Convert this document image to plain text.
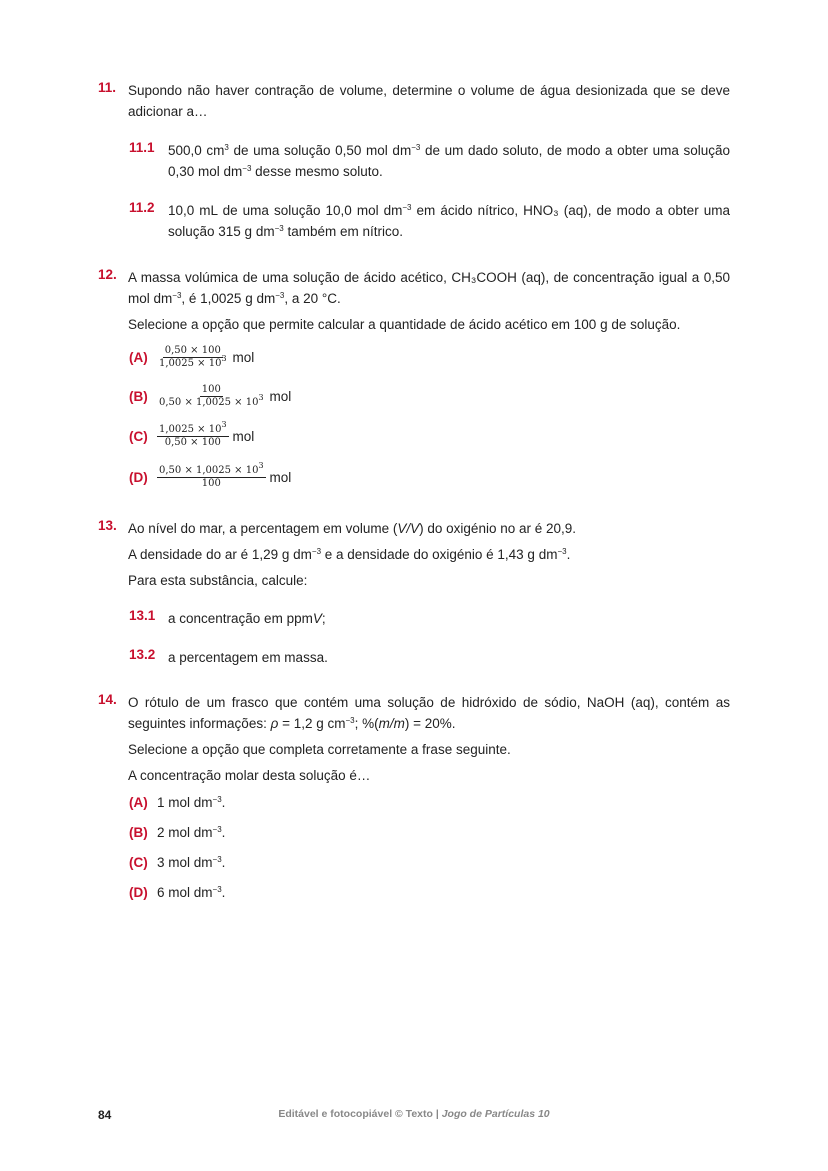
11. Supondo não haver contração de volume, determine o volume de água desionizada que se deve adicionar a…
11.1 500,0 $cm^3$ de uma solução 0,50 mol $dm^{-3}$ de um dado soluto, de modo a obter uma solução 0,30 mol $dm^{-3}$ desse mesmo soluto.
11.2 10,0 mL de uma solução 10,0 mol $dm^{-3}$ em ácido nítrico, HNO₃ (aq), de modo a obter uma solução 315 g $dm^{-3}$ também em nítrico.
12. A massa volúmica de uma solução de ácido acético, CH₃COOH (aq), de concentração igual a 0,50 mol $dm^{-3}$, é 1,0025 g $dm^{-3}$, a 20 °C.
Selecione a opção que permite calcular a quantidade de ácido acético em 100 g de solução.
$(A) \frac{0,50 \times 100}{1,0025 \times 10^3}$ mol
$(B) \frac{100}{0,50 \times 1,0025 \times 10^3}$ mol
$(C) \frac{1,0025 \times 10^3}{0,50 \times 100}$ mol
$(D) \frac{0,50 \times 1,0025 \times 10^3}{100}$ mol
13. Ao nível do mar, a percentagem em volume (V/V) do oxigénio no ar é 20,9.
A densidade do ar é 1,29 g $dm^{-3}$ e a densidade do oxigénio é 1,43 g $dm^{-3}$.
Para esta substância, calcule:
13.1 a concentração em ppmV;
13.2 a percentagem em massa.
14. O rótulo de um frasco que contém uma solução de hidróxido de sódio, NaOH (aq), contém as seguintes informações: ρ = 1,2 g $cm^{-3}$; %(m/m) = 20%.
Selecione a opção que completa corretamente a frase seguinte.
A concentração molar desta solução é…
(A) 1 mol $dm^{-3}$.
(B) 2 mol $dm^{-3}$.
(C) 3 mol $dm^{-3}$.
(D) 6 mol $dm^{-3}$.
84	Editável e fotocopiável © Texto | Jogo de Partículas 10
